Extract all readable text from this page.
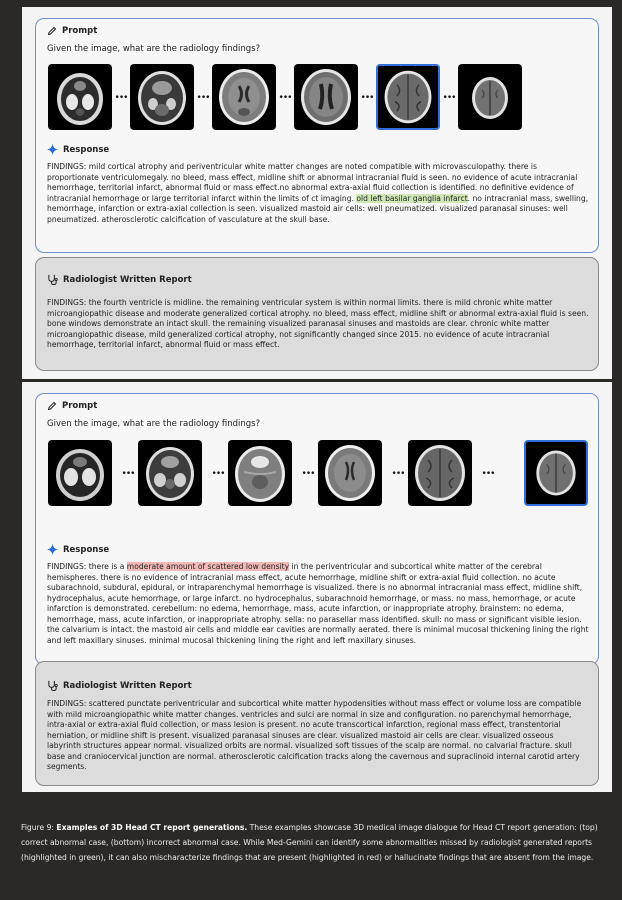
Prompt
Given the image, what are the radiology findings?
•••	•••	•••	•••	•••
Response
FINDINGS: mild cortical atrophy and periventricular white matter changes are noted compatible with microvasculopathy. there is proportionate ventriculomegaly. no bleed, mass effect, midline shift or abnormal intracranial fluid is seen. no evidence of acute intracranial hemorrhage, territorial infarct, abnormal fluid or mass effect.no abnormal extra-axial fluid collection is identified. no definitive evidence of intracranial hemorrhage or large territorial infarct within the limits of ct imaging. old left basilar ganglia infarct. no intracranial mass, swelling, hemorrhage, infarction or extra-axial collection is seen. visualized mastoid air cells: well pneumatized. visualized paranasal sinuses: well pneumatized. atherosclerotic calcification of vasculature at the skull base.
Radiologist Written Report
FINDINGS: the fourth ventricle is midline. the remaining ventricular system is within normal limits. there is mild chronic white matter microangiopathic disease and moderate generalized cortical atrophy. no bleed, mass effect, midline shift or abnormal extra-axial fluid is seen. bone windows demonstrate an intact skull. the remaining visualized paranasal sinuses and mastoids are clear. chronic white matter microangiopathic disease, mild generalized cortical atrophy, not significantly changed since 2015. no evidence of acute intracranial hemorrhage, territorial infarct, abnormal fluid or mass effect.
Prompt
Given the image, what are the radiology findings?
•••	•••	•••	•••	•••
Response
FINDINGS: there is a moderate amount of scattered low density in the periventricular and subcortical white matter of the cerebral hemispheres. there is no evidence of intracranial mass effect, acute hemorrhage, midline shift or extra-axial fluid collection. no acute subarachnoid, subdural, epidural, or intraparenchymal hemorrhage is visualized. there is no abnormal intracranial mass effect, midline shift, hydrocephalus, acute hemorrhage, or large infarct. no hydrocephalus, subarachnoid hemorrhage, or mass. no mass, hemorrhage, or acute infarction is demonstrated. cerebellum: no edema, hemorrhage, mass, acute infarction, or inappropriate atrophy. brainstem: no edema, hemorrhage, mass, acute infarction, or inappropriate atrophy. sella: no parasellar mass identified. skull: no mass or significant visible lesion. the calvarium is intact. the mastoid air cells and middle ear cavities are normally aerated. there is minimal mucosal thickening lining the right and left maxillary sinuses. minimal mucosal thickening lining the right and left maxillary sinuses.
Radiologist Written Report
FINDINGS: scattered punctate periventricular and subcortical white matter hypodensities without mass effect or volume loss are compatible with mild microangiopathic white matter changes. ventricles and sulci are normal in size and configuration. no parenchymal hemorrhage, intra-axial or extra-axial fluid collection, or mass lesion is present. no acute transcortical infarction, regional mass effect, transtentorial herniation, or midline shift is present. visualized paranasal sinuses are clear. visualized mastoid air cells are clear. visualized osseous labyrinth structures appear normal. visualized orbits are normal. visualized soft tissues of the scalp are normal. no calvarial fracture. skull base and craniocervical junction are normal. atherosclerotic calcification tracks along the cavernous and supraclinoid internal carotid artery segments.
Figure 9: Examples of 3D Head CT report generations. These examples showcase 3D medical image dialogue for Head CT report generation: (top) correct abnormal case, (bottom) incorrect abnormal case. While Med-Gemini can identify some abnormalities missed by radiologist generated reports (highlighted in green), it can also mischaracterize findings that are present (highlighted in red) or hallucinate findings that are absent from the image.
